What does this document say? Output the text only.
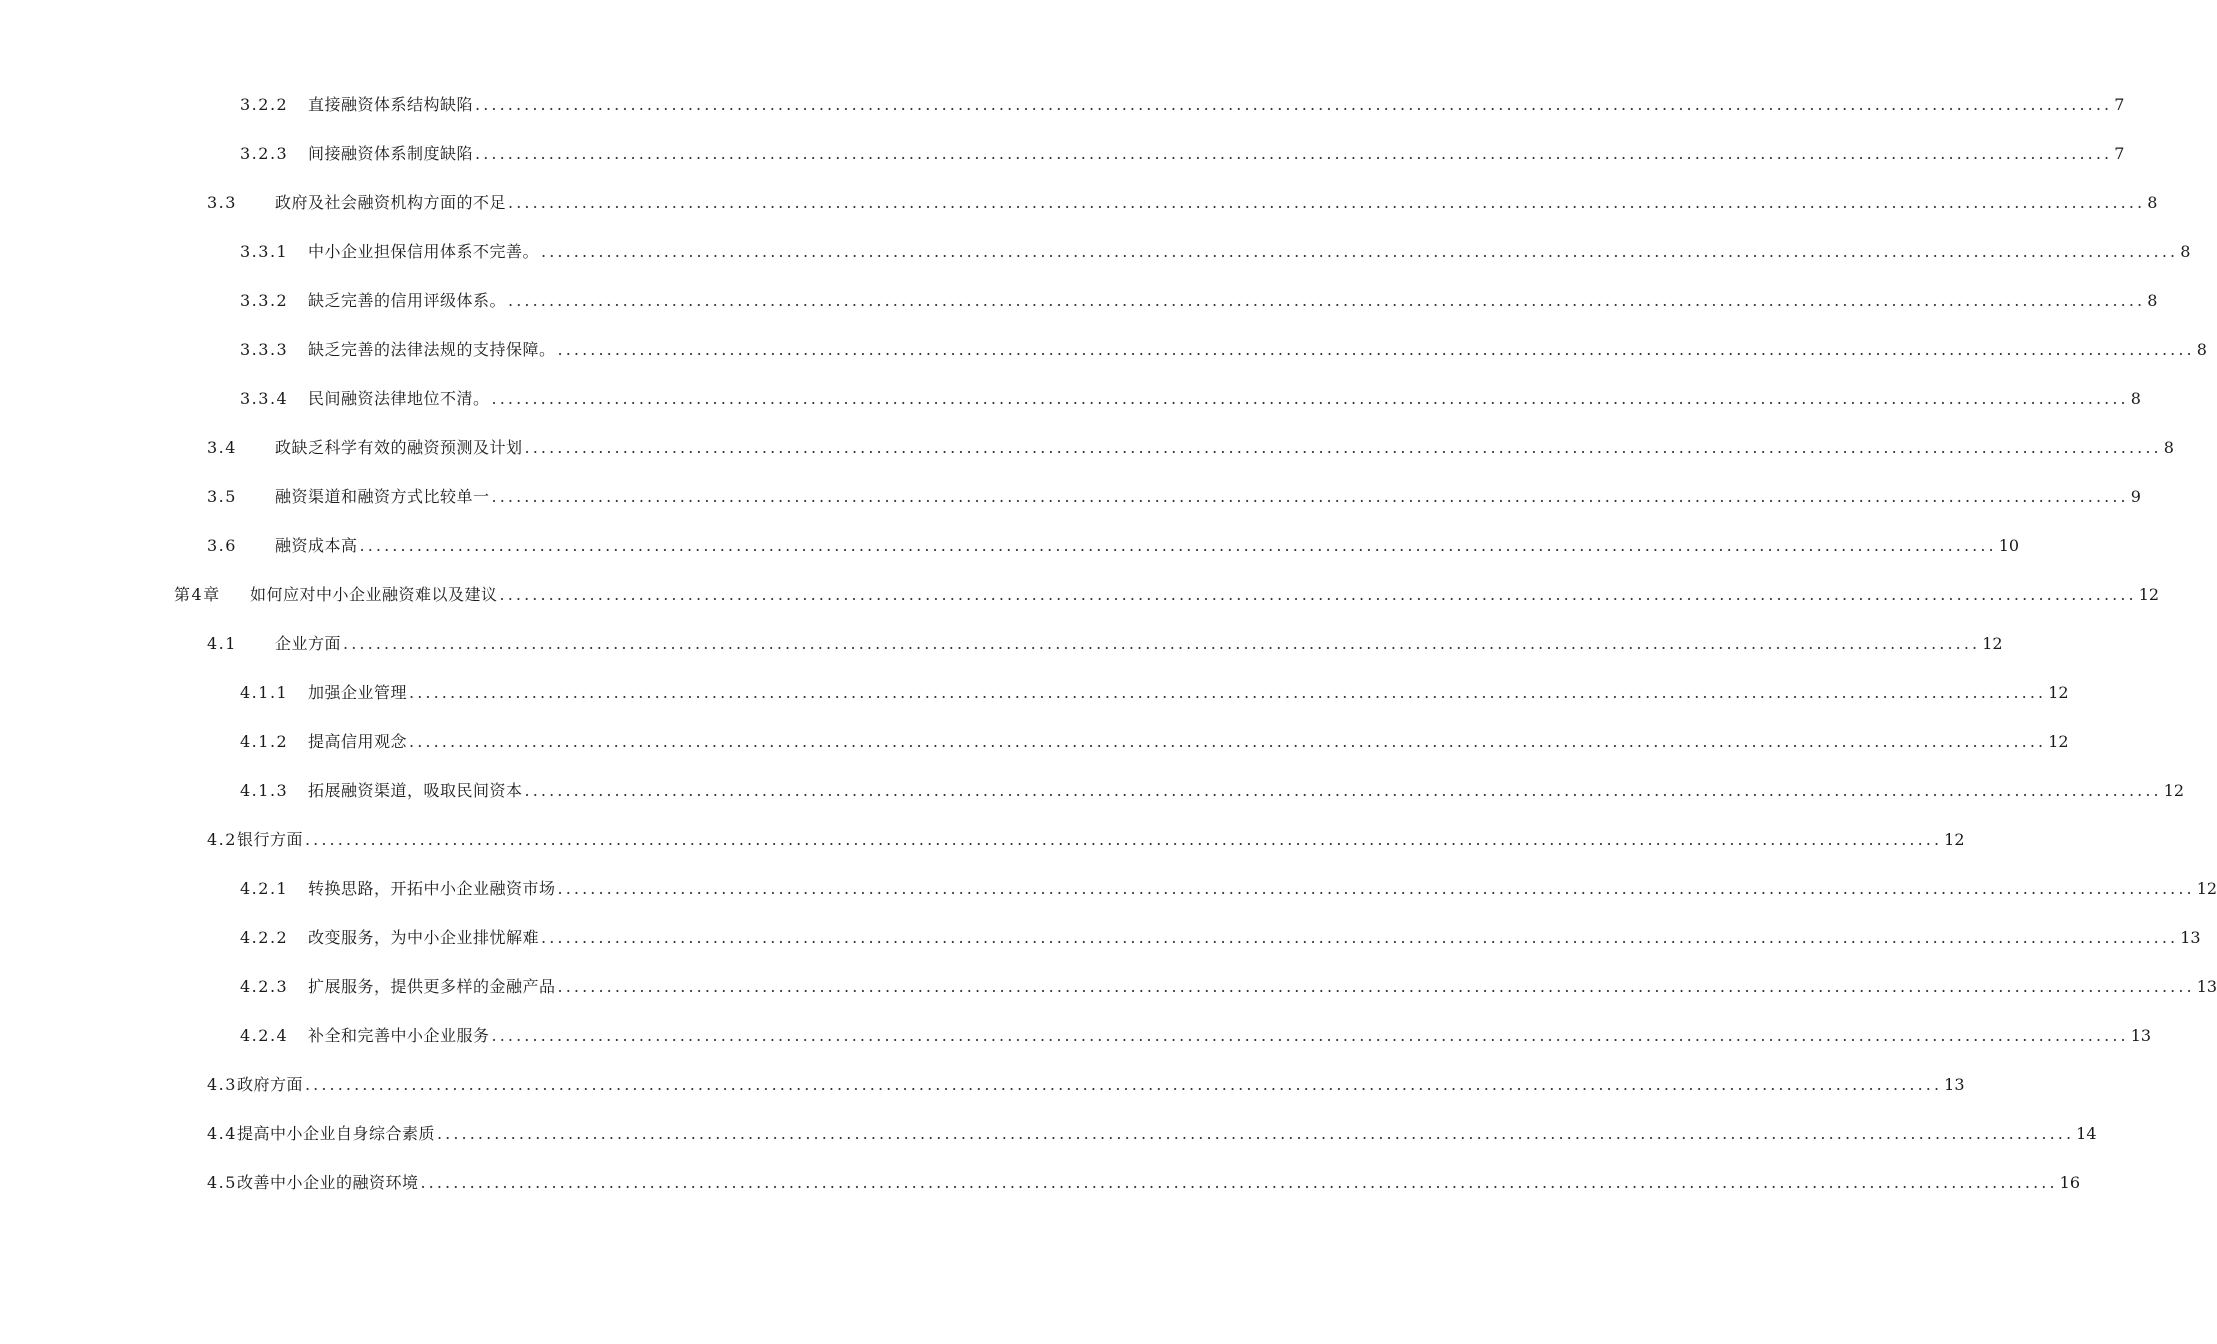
3.2.2	直接融资体系结构缺陷 ........................................................................................................................................................................................................ 7
3.2.3	间接融资体系制度缺陷 ........................................................................................................................................................................................................ 7
3.3	政府及社会融资机构方面的不足 ........................................................................................................................................................................................................ 8
3.3.1	中小企业担保信用体系不完善。 ........................................................................................................................................................................................................ 8
3.3.2	缺乏完善的信用评级体系。 ........................................................................................................................................................................................................ 8
3.3.3	缺乏完善的法律法规的支持保障。 ........................................................................................................................................................................................................ 8
3.3.4	民间融资法律地位不清。 ........................................................................................................................................................................................................ 8
3.4	政缺乏科学有效的融资预测及计划 ........................................................................................................................................................................................................ 8
3.5	融资渠道和融资方式比较单一 ........................................................................................................................................................................................................ 9
3.6	融资成本高 ........................................................................................................................................................................................................ 10
第4章	如何应对中小企业融资难以及建议 ........................................................................................................................................................................................................ 12
4.1	企业方面 ........................................................................................................................................................................................................ 12
4.1.1	加强企业管理 ........................................................................................................................................................................................................ 12
4.1.2	提高信用观念 ........................................................................................................................................................................................................ 12
4.1.3	拓展融资渠道，吸取民间资本 ........................................................................................................................................................................................................ 12
4.2 银行方面 ........................................................................................................................................................................................................ 12
4.2.1	转换思路，开拓中小企业融资市场 ........................................................................................................................................................................................................ 12
4.2.2	改变服务，为中小企业排忧解难 ........................................................................................................................................................................................................ 13
4.2.3	扩展服务，提供更多样的金融产品 ........................................................................................................................................................................................................ 13
4.2.4	补全和完善中小企业服务 ........................................................................................................................................................................................................ 13
4.3 政府方面 ........................................................................................................................................................................................................ 13
4.4 提高中小企业自身综合素质 ........................................................................................................................................................................................................ 14
4.5 改善中小企业的融资环境 ........................................................................................................................................................................................................ 16
